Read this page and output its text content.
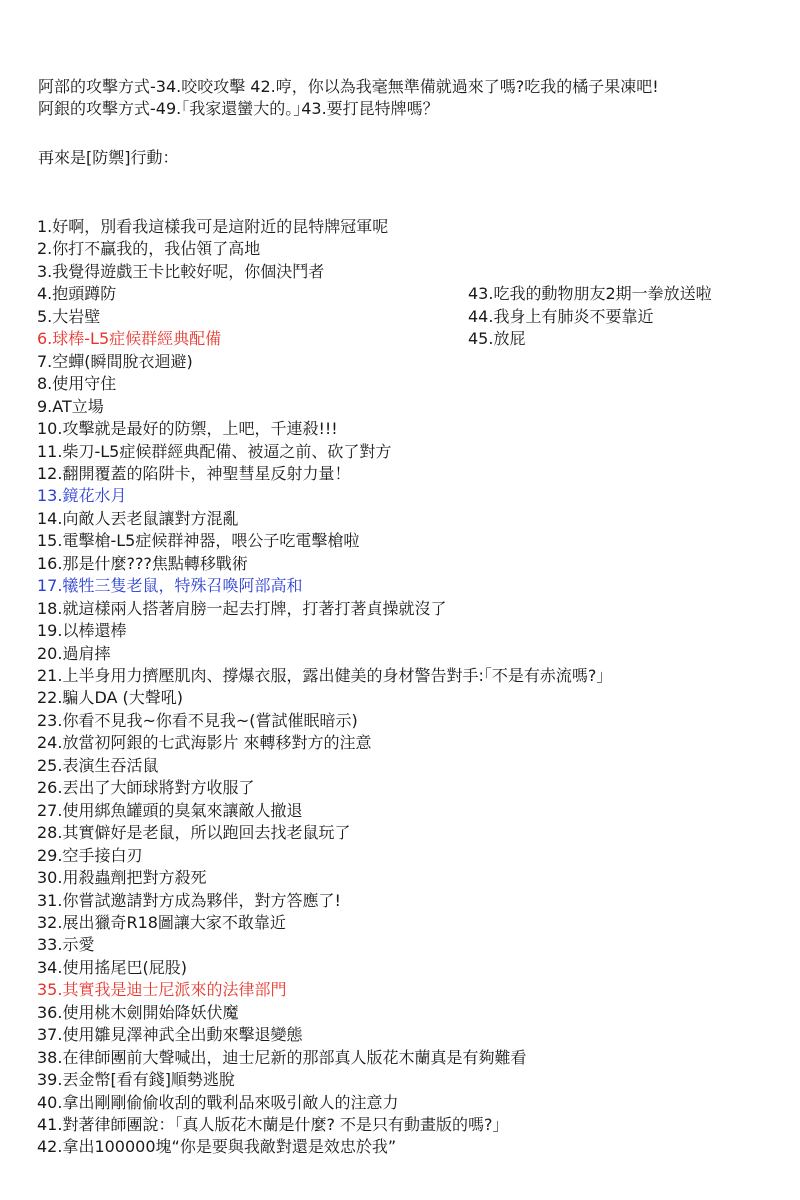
阿部的攻擊方式-34.咬咬攻擊 42.哼，你以為我毫無準備就過來了嗎?吃我的橘子果凍吧!
阿銀的攻擊方式-49.｢我家還蠻大的。｣43.要打昆特牌嗎？
再來是[防禦]行動：
1.好啊，別看我這樣我可是這附近的昆特牌冠軍呢
2.你打不贏我的，我佔領了高地
3.我覺得遊戲王卡比較好呢，你個決鬥者
4.抱頭蹲防
5.大岩壁
6.球棒-L5症候群經典配備
7.空蟬(瞬間脫衣迴避)
8.使用守住
9.AT立場
10.攻擊就是最好的防禦，上吧，千連殺!!!
11.柴刀-L5症候群經典配備、被逼之前、砍了對方
12.翻開覆蓋的陷阱卡，神聖彗星反射力量！
13.鏡花水月
14.向敵人丟老鼠讓對方混亂
15.電擊槍-L5症候群神器，喂公子吃電擊槍啦
16.那是什麼???焦點轉移戰術
17.犧牲三隻老鼠，特殊召喚阿部高和
18.就這樣兩人搭著肩膀一起去打牌，打著打著貞操就沒了
19.以棒還棒
20.過肩摔
21.上半身用力擠壓肌肉、撐爆衣服，露出健美的身材警告對手:｢不是有赤流嗎?｣
22.騙人DA (大聲吼)
23.你看不見我~你看不見我~(嘗試催眠暗示)
24.放當初阿銀的七武海影片 來轉移對方的注意
25.表演生吞活鼠
26.丟出了大師球將對方收服了
27.使用綁魚罐頭的臭氣來讓敵人撤退
28.其實僻好是老鼠，所以跑回去找老鼠玩了
29.空手接白刃
30.用殺蟲劑把對方殺死
31.你嘗試邀請對方成為夥伴，對方答應了!
32.展出獵奇R18圖讓大家不敢靠近
33.示愛
34.使用搖尾巴(屁股)
35.其實我是迪士尼派來的法律部門
36.使用桃木劍開始降妖伏魔
37.使用雛見澤神武全出動來擊退變態
38.在律師團前大聲喊出，迪士尼新的那部真人版花木蘭真是有夠難看
39.丟金幣[看有錢]順勢逃脫
40.拿出剛剛偷偷收刮的戰利品來吸引敵人的注意力
41.對著律師團說：｢真人版花木蘭是什麼? 不是只有動畫版的嗎?｣
42.拿出100000塊“你是要與我敵對還是效忠於我”
43.吃我的動物朋友2期一拳放送啦
44.我身上有肺炎不要靠近
45.放屁
